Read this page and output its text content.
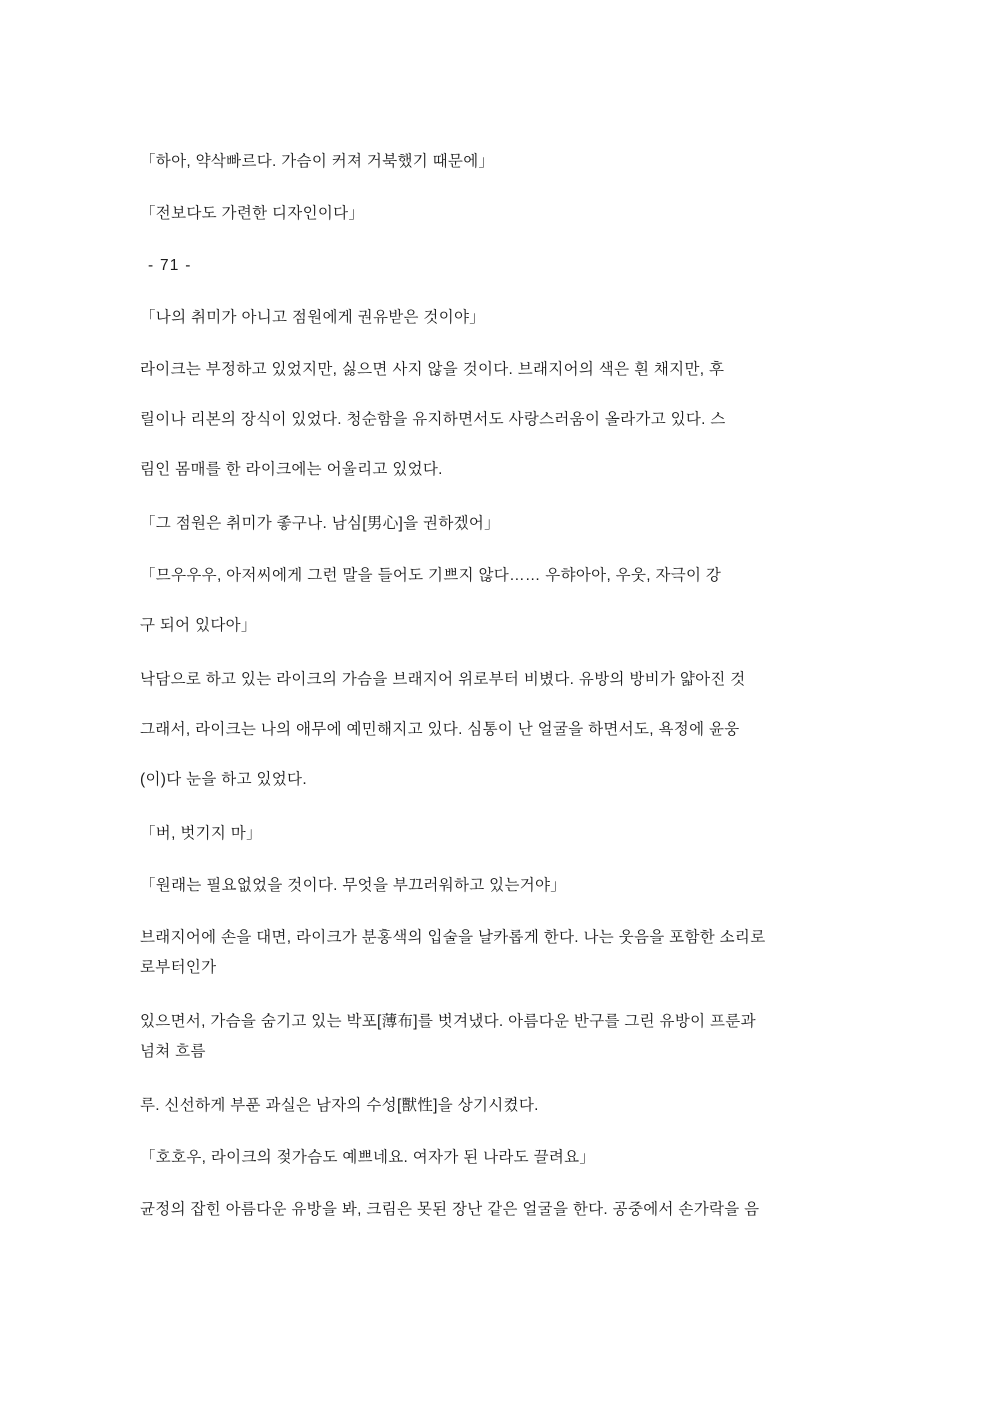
「하아, 약삭빠르다. 가슴이 커져 거북했기 때문에」

「전보다도 가련한 디자인이다」

- 71 -

「나의 취미가 아니고 점원에게 권유받은 것이야」

라이크는 부정하고 있었지만, 싫으면 사지 않을 것이다. 브래지어의 색은 흰 채지만, 후
릴이나 리본의 장식이 있었다. 청순함을 유지하면서도 사랑스러움이 올라가고 있다. 스
림인 몸매를 한 라이크에는 어울리고 있었다.

「그 점원은 취미가 좋구나. 남심[男心]을 권하겠어」

「므우우우, 아저씨에게 그런 말을 들어도 기쁘지 않다…… 우햐아아, 우웃, 자극이 강
구 되어 있다아」

낙담으로 하고 있는 라이크의 가슴을 브래지어 위로부터 비볐다. 유방의 방비가 얇아진 것
그래서, 라이크는 나의 애무에 예민해지고 있다. 심통이 난 얼굴을 하면서도, 욕정에 윤웅
(이)다 눈을 하고 있었다.

「버, 벗기지 마」

「원래는 필요없었을 것이다. 무엇을 부끄러워하고 있는거야」

브래지어에 손을 대면, 라이크가 분홍색의 입술을 날카롭게 한다. 나는 웃음을 포함한 소리로
로부터인가

있으면서, 가슴을 숨기고 있는 박포[薄布]를 벗겨냈다. 아름다운 반구를 그린 유방이 프룬과
넘쳐 흐름

루. 신선하게 부푼 과실은 남자의 수성[獸性]을 상기시켰다.

「호호우, 라이크의 젖가슴도 예쁘네요. 여자가 된 나라도 끌려요」

균정의 잡힌 아름다운 유방을 봐, 크림은 못된 장난 같은 얼굴을 한다. 공중에서 손가락을 음
